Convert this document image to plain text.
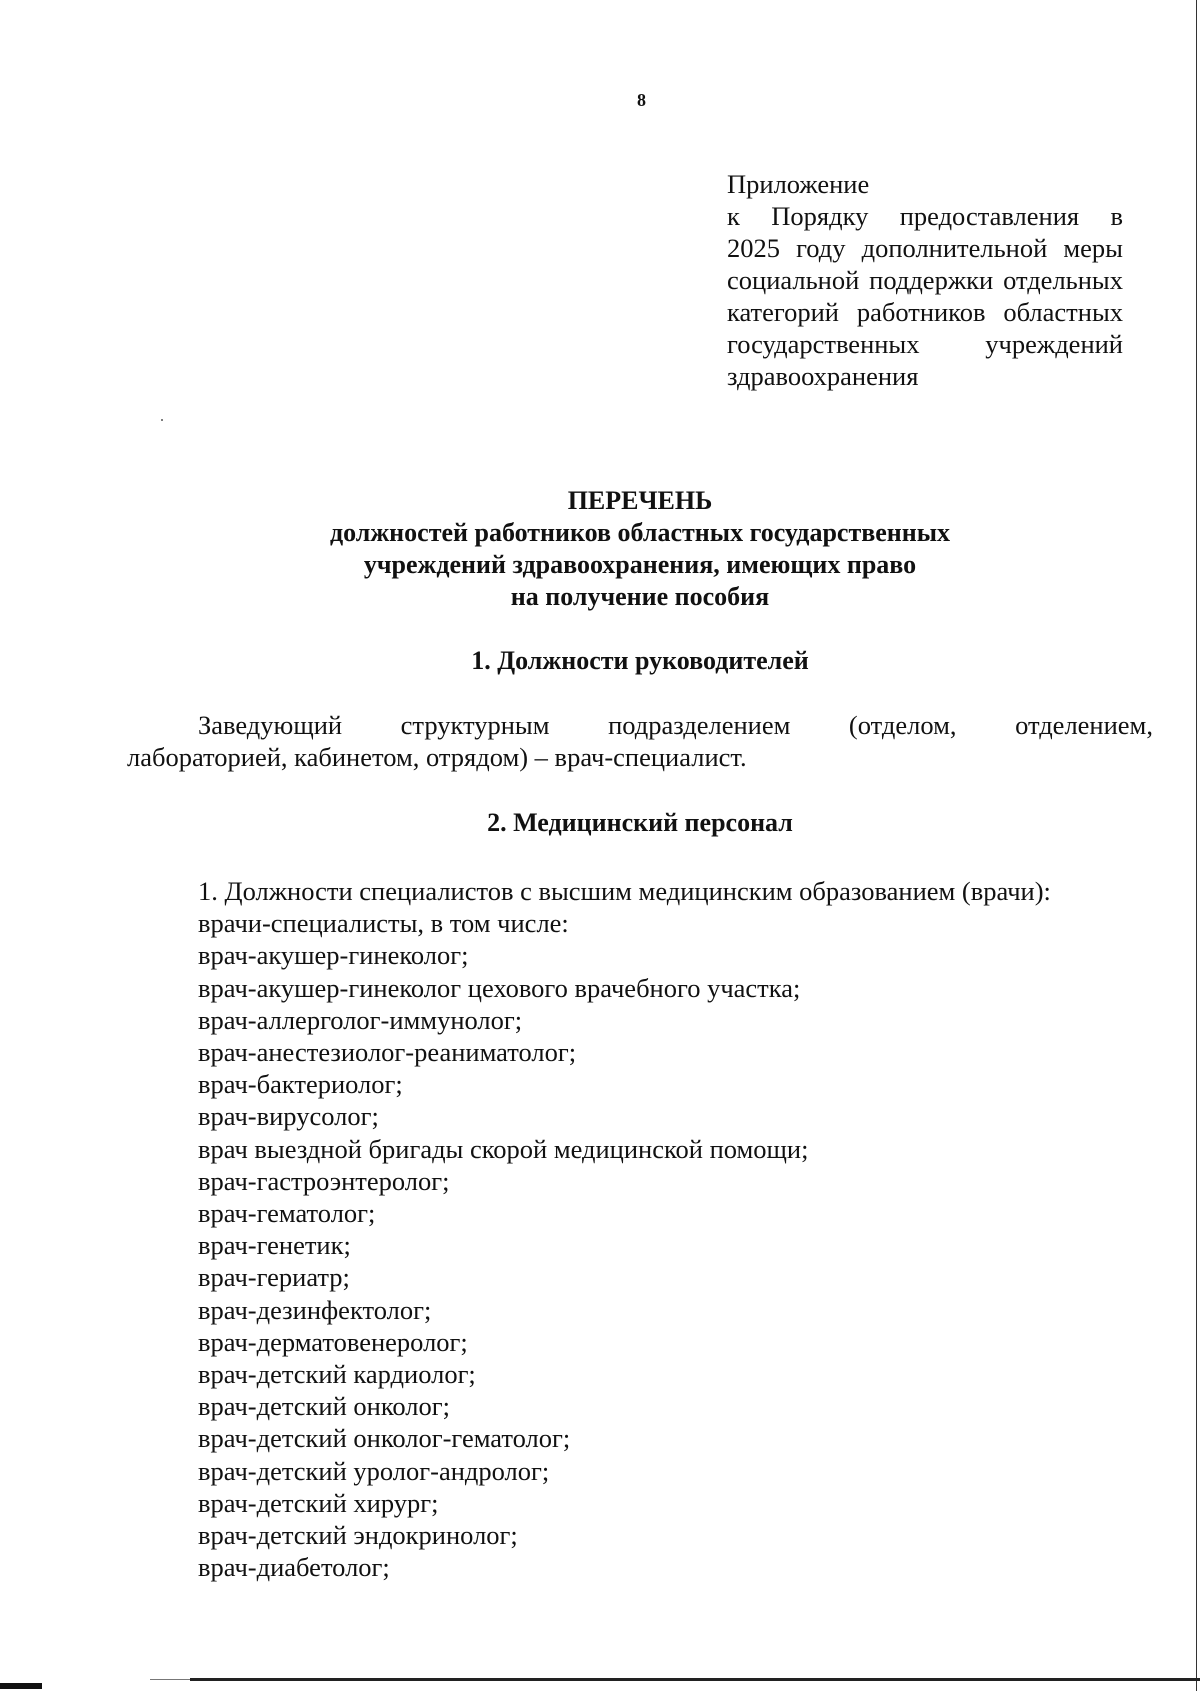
8
Приложение
к Порядку предоставления в
2025 году дополнительной меры
социальной поддержки отдельных
категорий работников областных
государственных учреждений
здравоохранения
ПЕРЕЧЕНЬ
должностей работников областных государственных
учреждений здравоохранения, имеющих право
на получение пособия
1. Должности руководителей
Заведующий структурным подразделением (отделом, отделением,
лабораторией, кабинетом, отрядом) – врач-специалист.
2. Медицинский персонал
1. Должности специалистов с высшим медицинским образованием (врачи):
врачи-специалисты, в том числе:
врач-акушер-гинеколог;
врач-акушер-гинеколог цехового врачебного участка;
врач-аллерголог-иммунолог;
врач-анестезиолог-реаниматолог;
врач-бактериолог;
врач-вирусолог;
врач выездной бригады скорой медицинской помощи;
врач-гастроэнтеролог;
врач-гематолог;
врач-генетик;
врач-гериатр;
врач-дезинфектолог;
врач-дерматовенеролог;
врач-детский кардиолог;
врач-детский онколог;
врач-детский онколог-гематолог;
врач-детский уролог-андролог;
врач-детский хирург;
врач-детский эндокринолог;
врач-диабетолог;
